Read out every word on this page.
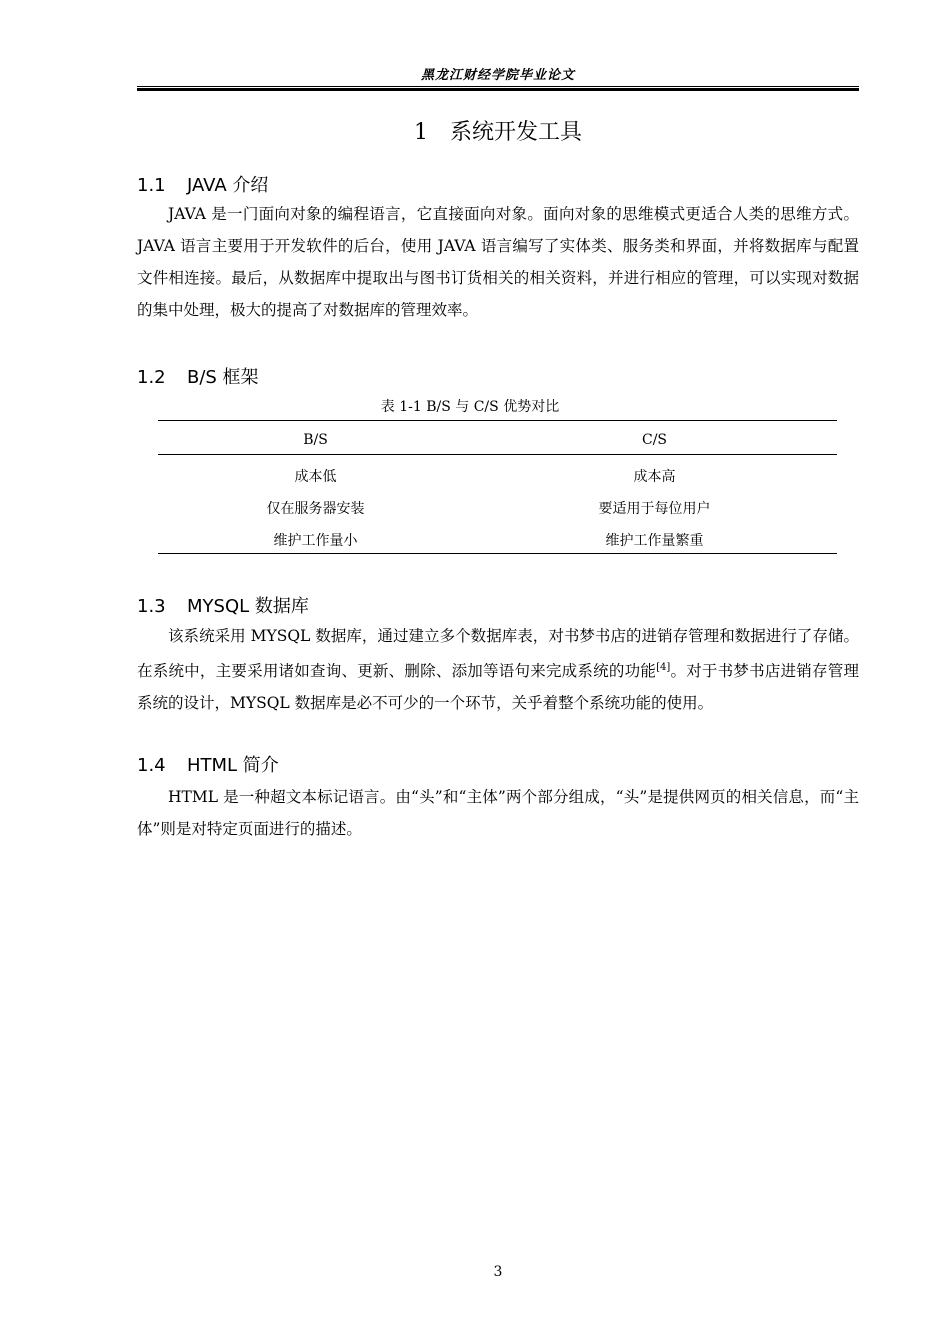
黑龙江财经学院毕业论文
1 系统开发工具
1.1 JAVA 介绍

JAVA 是一门面向对象的编程语言，它直接面向对象。面向对象的思维模式更适合人类的思维方式。JAVA 语言主要用于开发软件的后台，使用 JAVA 语言编写了实体类、服务类和界面，并将数据库与配置文件相连接。最后，从数据库中提取出与图书订货相关的相关资料，并进行相应的管理，可以实现对数据的集中处理，极大的提高了对数据库的管理效率。

1.2 B/S 框架
表 1-1 B/S 与 C/S 优势对比
B/S	C/S
成本低	成本高
仅在服务器安装	要适用于每位用户
维护工作量小	维护工作量繁重
1.3 MYSQL 数据库

该系统采用 MYSQL 数据库，通过建立多个数据库表，对书梦书店的进销存管理和数据进行了存储。在系统中，主要采用诸如查询、更新、删除、添加等语句来完成系统的功能[4]。对于书梦书店进销存管理系统的设计，MYSQL 数据库是必不可少的一个环节，关乎着整个系统功能的使用。

1.4 HTML 简介

HTML 是一种超文本标记语言。由“头”和“主体”两个部分组成，“头”是提供网页的相关信息，而“主体”则是对特定页面进行的描述。

3
